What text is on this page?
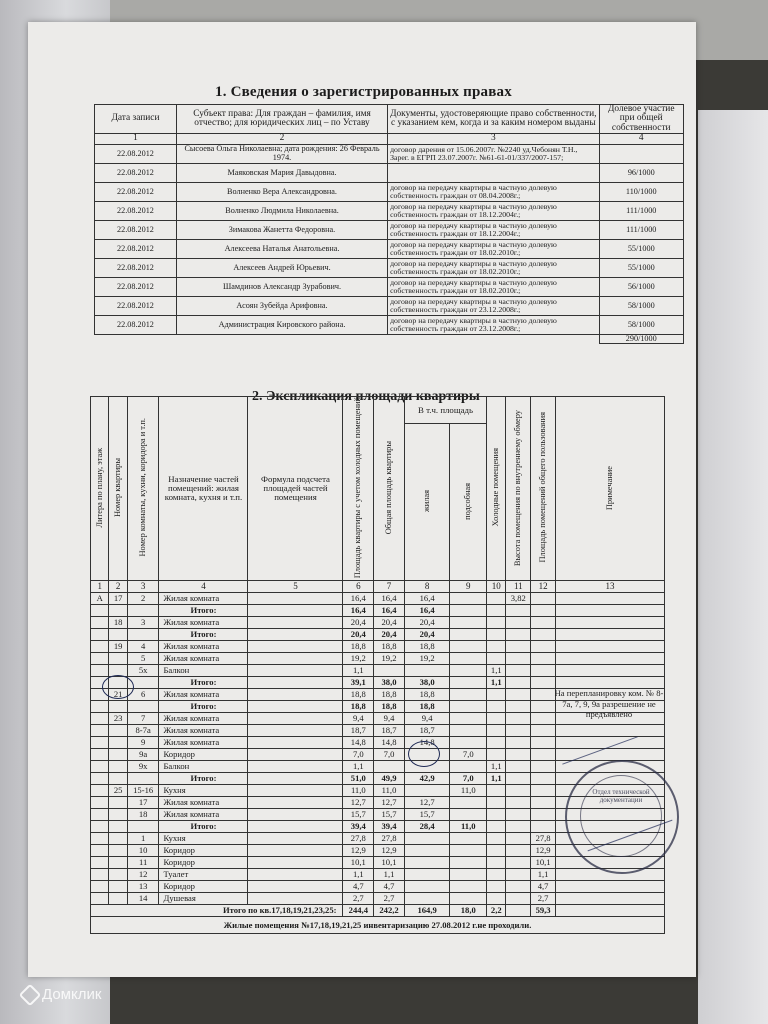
1. Сведения о зарегистрированных правах
Дата записи	Субъект права: Для граждан – фамилия, имя отчество; для юридических лиц – по Уставу	Документы, удостоверяющие право собственности, с указанием кем, когда и за каким номером выданы	Долевое участие при общей собственности
1	2	3	4
22.08.2012	Сысоева Ольга Николаевна; дата рождения: 26 Февраль 1974.	договор дарения от 15.06.2007г. №2240 уд.Чебонян Т.Н., Зарег. в ЕГРП 23.07.2007г. №61-61-01/337/2007-157;	
22.08.2012	Маяковская Мария Давыдовна.		96/1000
22.08.2012	Волненко Вера Александровна.	договор на передачу квартиры в частную долевую собственность граждан от 08.04.2008г.;	110/1000
22.08.2012	Волненко Людмила Николаевна.	договор на передачу квартиры в частную долевую собственность граждан от 18.12.2004г.;	111/1000
22.08.2012	Зимакова Жанетта Федоровна.	договор на передачу квартиры в частную долевую собственность граждан от 18.12.2004г.;	111/1000
22.08.2012	Алексеева Наталья Анатольевна.	договор на передачу квартиры в частную долевую собственность граждан от 18.02.2010г.;	55/1000
22.08.2012	Алексеев Андрей Юрьевич.	договор на передачу квартиры в частную долевую собственность граждан от 18.02.2010г.;	55/1000
22.08.2012	Шамдинов Александр Зурабович.	договор на передачу квартиры в частную долевую собственность граждан от 18.02.2010г.;	56/1000
22.08.2012	Асоян Зубейда Арифовна.	договор на передачу квартиры в частную долевую собственность граждан от 23.12.2008г.;	58/1000
22.08.2012	Администрация Кировского района.	договор на передачу квартиры в частную долевую собственность граждан от 23.12.2008г.;	58/1000
			290/1000
2. Экспликация площади квартиры
Литера по плану, этаж	Номер квартиры	Номер комнаты, кухни, коридора и т.п.	Назначение частей помещений: жилая комната, кухня и т.п.	Формула подсчета площадей частей помещения	Площадь квартиры с учетом холодных помещений	Общая площадь квартиры	В т.ч. площадь		Холодные помещения	Высота помещения по внутреннему обмеру	Площадь помещений общего пользования	Примечание
							жилая	подсобная				
1	2	3	4	5	6	7	8	9	10	11	12	13
А	17	2	Жилая комната		16,4	16,4	16,4			3,82		
			Итого:		16,4	16,4	16,4					
	18	3	Жилая комната		20,4	20,4	20,4					
			Итого:		20,4	20,4	20,4					
	19	4	Жилая комната		18,8	18,8	18,8					
		5	Жилая комната		19,2	19,2	19,2					
		5х	Балкон		1,1				1,1			
			Итого:		39,1	38,0	38,0		1,1			
	21	6	Жилая комната		18,8	18,8	18,8					
			Итого:		18,8	18,8	18,8					
	23	7	Жилая комната		9,4	9,4	9,4					
		8-7а	Жилая комната		18,7	18,7	18,7					
		9	Жилая комната		14,8	14,8	14,8					
		9а	Коридор		7,0	7,0		7,0				
		9х	Балкон		1,1				1,1			
			Итого:		51,0	49,9	42,9	7,0	1,1			
	25	15-16	Кухня		11,0	11,0		11,0				
		17	Жилая комната		12,7	12,7	12,7					
		18	Жилая комната		15,7	15,7	15,7					
			Итого:		39,4	39,4	28,4	11,0				
		1	Кухня		27,8	27,8					27,8	
		10	Коридор		12,9	12,9					12,9	
		11	Коридор		10,1	10,1					10,1	
		12	Туалет		1,1	1,1					1,1	
		13	Коридор		4,7	4,7					4,7	
		14	Душевая		2,7	2,7					2,7	
Итого по кв.17,18,19,21,23,25:					244,4	242,2	164,9	18,0	2,2		59,3	
Жилые помещения №17,18,19,21,25 инвентаризацию 27.08.2012 г.не проходили.												
На перепланировку ком. № 8-7а, 7, 9, 9а разрешение не предъявлено
Отдел технической документации
Домклик
